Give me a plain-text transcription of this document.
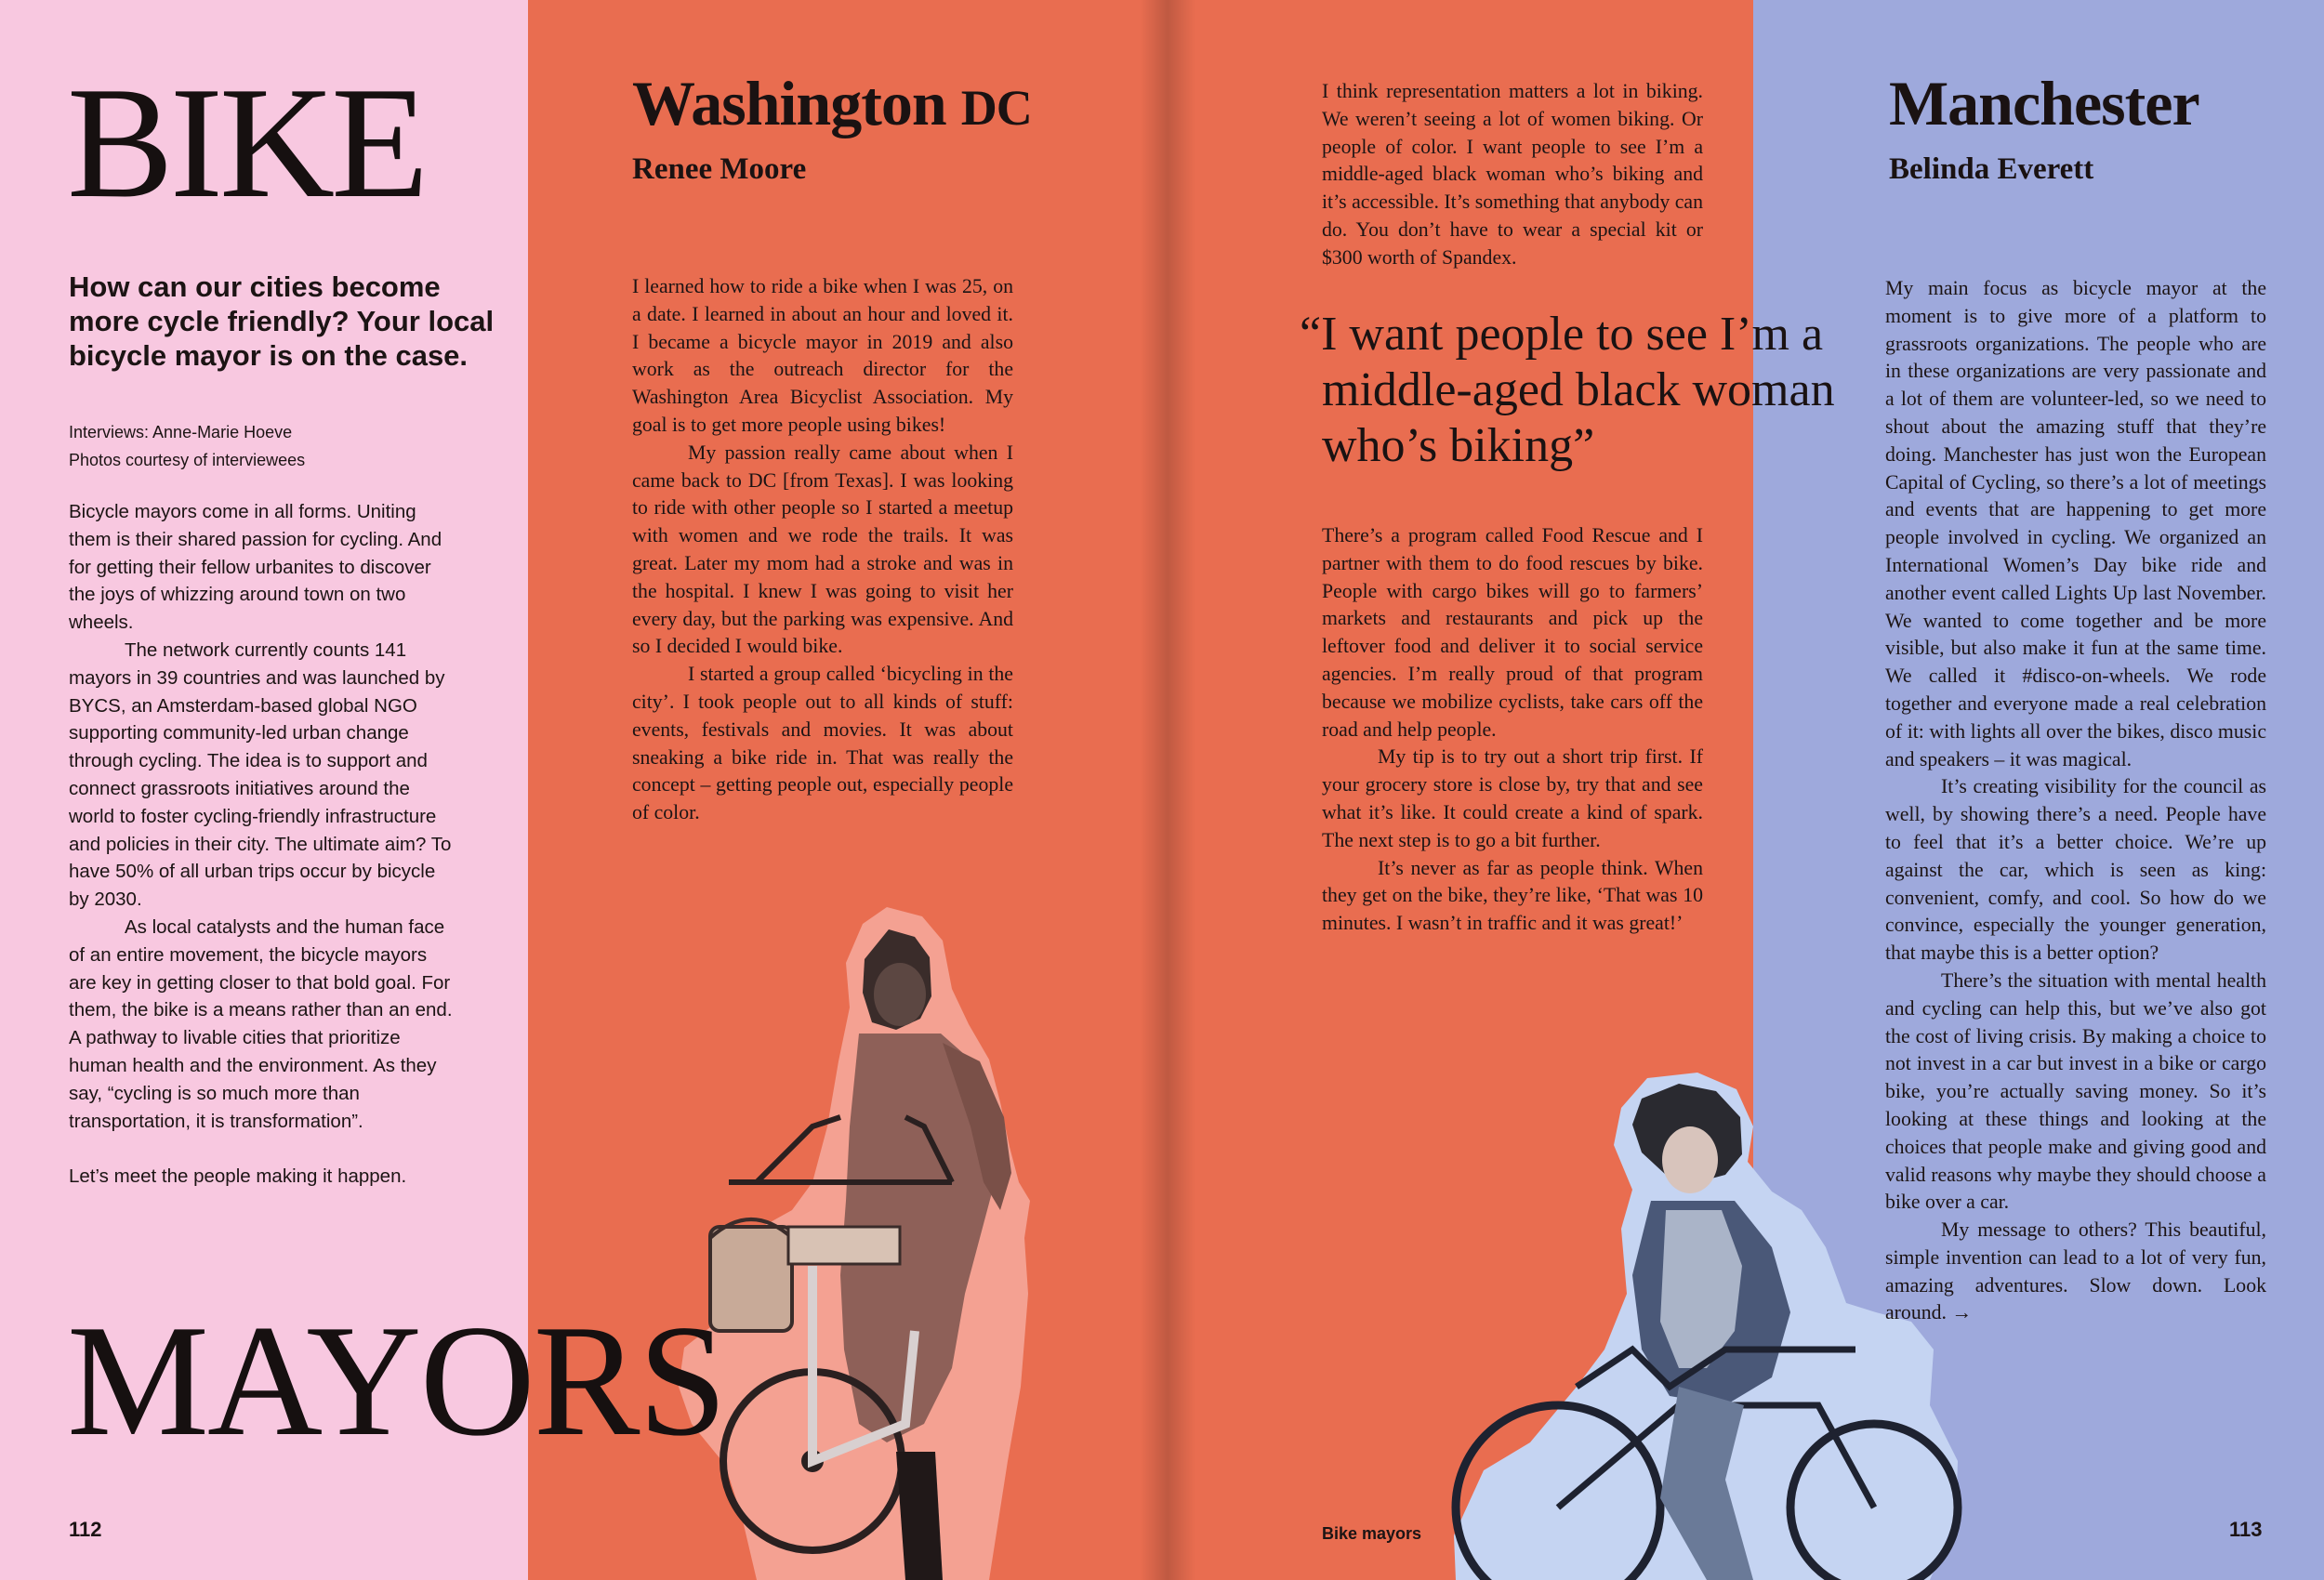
BIKE
How can our cities become more cycle friendly? Your local bicycle mayor is on the case.
Interviews: Anne-Marie Hoeve
Photos courtesy of interviewees

Bicycle mayors come in all forms. Uniting them is their shared passion for cycling. And for getting their fellow urbanites to discover the joys of whizzing around town on two wheels.

The network currently counts 141 mayors in 39 countries and was launched by BYCS, an Amsterdam-based global NGO supporting community-led urban change through cycling. The idea is to support and connect grassroots initiatives around the world to foster cycling-friendly infrastructure and policies in their city. The ultimate aim? To have 50% of all urban trips occur by bicycle by 2030.

As local catalysts and the human face of an entire movement, the bicycle mayors are key in getting closer to that bold goal. For them, the bike is a means rather than an end. A pathway to livable cities that prioritize human health and the environment. As they say, “cycling is so much more than transportation, it is transformation”.

Let’s meet the people making it happen.

MAYORS
112
Washington DC
Renee Moore

I learned how to ride a bike when I was 25, on a date. I learned in about an hour and loved it. I became a bicycle mayor in 2019 and also work as the outreach director for the Washington Area Bicyclist Association. My goal is to get more people using bikes!

My passion really came about when I came back to DC [from Texas]. I was looking to ride with other people so I started a meetup with women and we rode the trails. It was great. Later my mom had a stroke and was in the hospital. I knew I was going to visit her every day, but the parking was expensive. And so I decided I would bike.

I started a group called ‘bicycling in the city’. I took people out to all kinds of stuff: events, festivals and movies. It was about sneaking a bike ride in. That was really the concept – getting people out, especially people of color.

I think representation matters a lot in biking. We weren’t seeing a lot of women biking. Or people of color. I want people to see I’m a middle-aged black woman who’s biking and it’s accessible. It’s something that anybody can do. You don’t have to wear a special kit or $300 worth of Spandex.

“I want people to see I’m a middle-aged black woman who’s biking”

There’s a program called Food Rescue and I partner with them to do food rescues by bike. People with cargo bikes will go to farmers’ markets and restaurants and pick up the leftover food and deliver it to social service agencies. I’m really proud of that program because we mobilize cyclists, take cars off the road and help people.

My tip is to try out a short trip first. If your grocery store is close by, try that and see what it’s like. It could create a kind of spark. The next step is to go a bit further.

It’s never as far as people think. When they get on the bike, they’re like, ‘That was 10 minutes. I wasn’t in traffic and it was great!’

Bike mayors
Manchester
Belinda Everett

My main focus as bicycle mayor at the moment is to give more of a platform to grassroots organizations. The people who are in these organizations are very passionate and a lot of them are volunteer-led, so we need to shout about the amazing stuff that they’re doing. Manchester has just won the European Capital of Cycling, so there’s a lot of meetings and events that are happening to get more people involved in cycling. We organized an International Women’s Day bike ride and another event called Lights Up last November. We wanted to come together and be more visible, but also make it fun at the same time. We called it #disco-on-wheels. We rode together and everyone made a real celebration of it: with lights all over the bikes, disco music and speakers – it was magical.

It’s creating visibility for the council as well, by showing there’s a need. People have to feel that it’s a better choice. We’re up against the car, which is seen as king: convenient, comfy, and cool. So how do we convince, especially the younger generation, that maybe this is a better option?

There’s the situation with mental health and cycling can help this, but we’ve also got the cost of living crisis. By making a choice to not invest in a car but invest in a bike or cargo bike, you’re actually saving money. So it’s looking at these things and looking at the choices that people make and giving good and valid reasons why maybe they should choose a bike over a car.

My message to others? This beautiful, simple invention can lead to a lot of very fun, amazing adventures. Slow down. Look around. →

113
